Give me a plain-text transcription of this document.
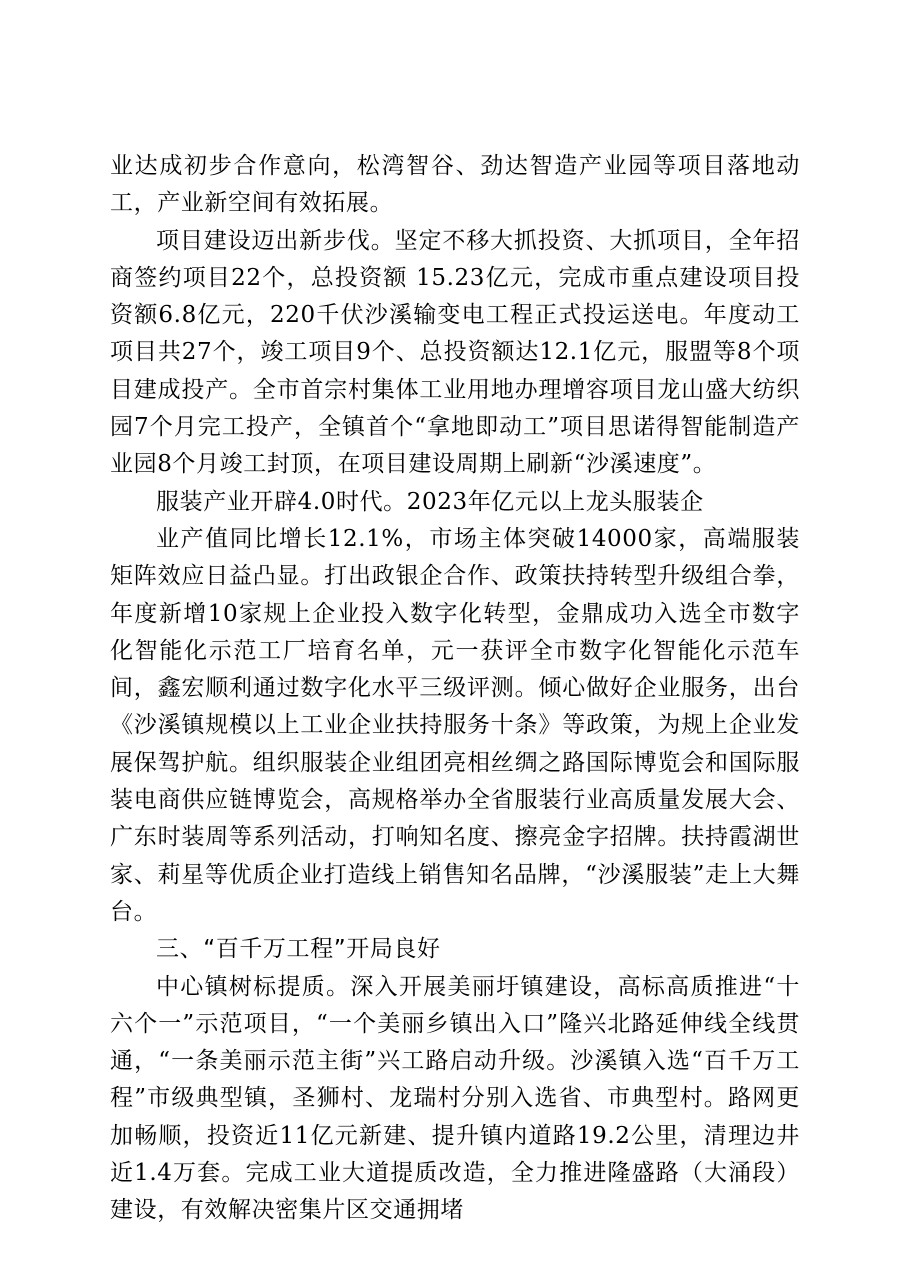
业达成初步合作意向，松湾智谷、劲达智造产业园等项目落地动工，产业新空间有效拓展。

项目建设迈出新步伐。坚定不移大抓投资、大抓项目，全年招商签约项目22个，总投资额 15.23亿元，完成市重点建设项目投资额6.8亿元，220千伏沙溪输变电工程正式投运送电。年度动工项目共27个，竣工项目9个、总投资额达12.1亿元，服盟等8个项目建成投产。全市首宗村集体工业用地办理增容项目龙山盛大纺织园7个月完工投产，全镇首个“拿地即动工”项目思诺得智能制造产业园8个月竣工封顶，在项目建设周期上刷新“沙溪速度”。

服装产业开辟4.0时代。2023年亿元以上龙头服装企

业产值同比增长12.1%，市场主体突破14000家，高端服装矩阵效应日益凸显。打出政银企合作、政策扶持转型升级组合拳，年度新增10家规上企业投入数字化转型，金鼎成功入选全市数字化智能化示范工厂培育名单，元一获评全市数字化智能化示范车间，鑫宏顺利通过数字化水平三级评测。倾心做好企业服务，出台《沙溪镇规模以上工业企业扶持服务十条》等政策，为规上企业发展保驾护航。组织服装企业组团亮相丝绸之路国际博览会和国际服装电商供应链博览会，高规格举办全省服装行业高质量发展大会、广东时装周等系列活动，打响知名度、擦亮金字招牌。扶持霞湖世家、莉星等优质企业打造线上销售知名品牌，“沙溪服装”走上大舞台。

三、“百千万工程”开局良好

中心镇树标提质。深入开展美丽圩镇建设，高标高质推进“十六个一”示范项目，“一个美丽乡镇出入口”隆兴北路延伸线全线贯通，“一条美丽示范主街”兴工路启动升级。沙溪镇入选“百千万工程”市级典型镇，圣狮村、龙瑞村分别入选省、市典型村。路网更加畅顺，投资近11亿元新建、提升镇内道路19.2公里，清理边井近1.4万套。完成工业大道提质改造，全力推进隆盛路（大涌段）建设，有效解决密集片区交通拥堵
